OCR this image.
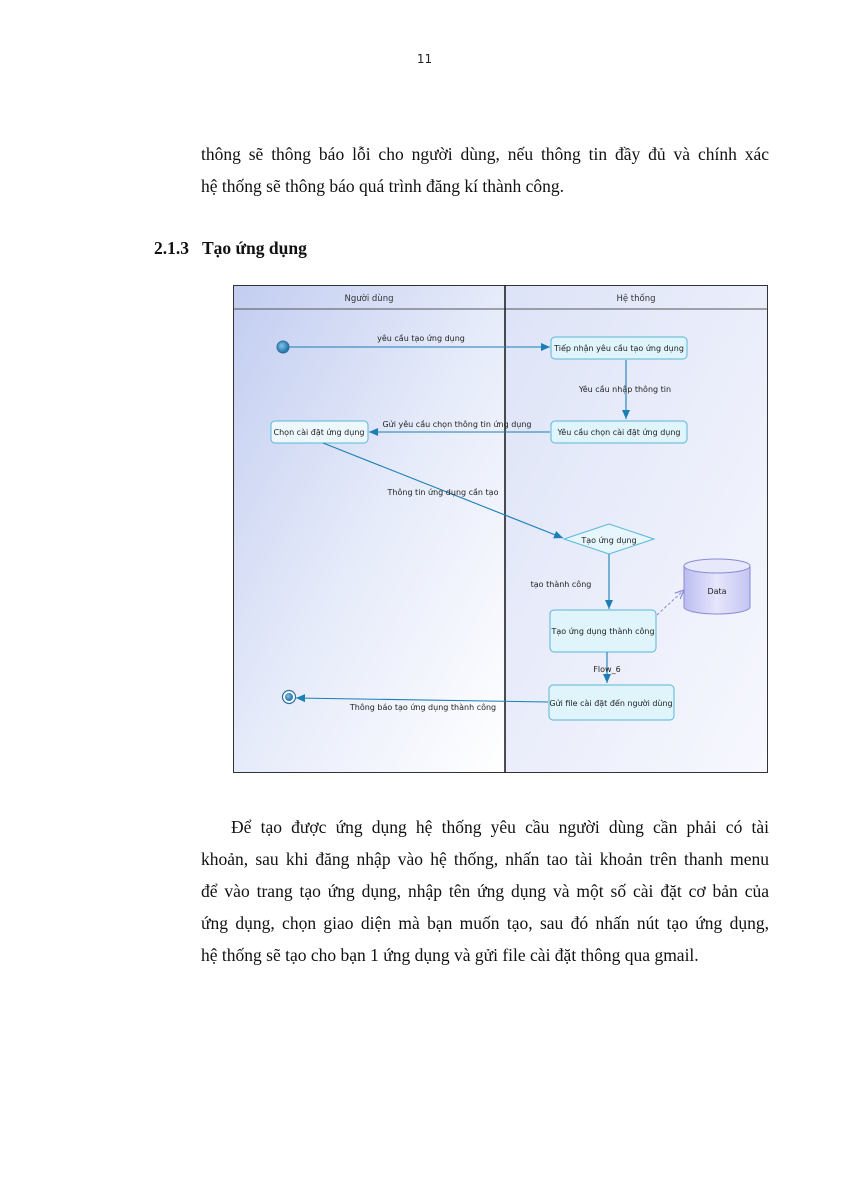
11
thông sẽ thông báo lỗi cho người dùng, nếu thông tin đầy đủ và chính xác
hệ thống sẽ thông báo quá trình đăng kí thành công.
2.1.3 Tạo ứng dụng
Người dùng	Hệ thống
yêu cầu tạo ứng dụng
Tiếp nhận yêu cầu tạo ứng dụng
Yêu cầu nhập thông tin
Yêu cầu chọn cài đặt ứng dụng
Gửi yêu cầu chọn thông tin ứng dụng
Chọn cài đặt ứng dụng
Thông tin ứng dụng cần tạo
Tạo ứng dụng
tạo thành công
Data
Tạo ứng dụng thành công
Flow_6
Gửi file cài đặt đến người dùng
Thông báo tạo ứng dụng thành công
Để tạo được ứng dụng hệ thống yêu cầu người dùng cần phải có tài
khoản, sau khi đăng nhập vào hệ thống, nhấn tao tài khoản trên thanh menu
để vào trang tạo ứng dụng, nhập tên ứng dụng và một số cài đặt cơ bản của
ứng dụng, chọn giao diện mà bạn muốn tạo, sau đó nhấn nút tạo ứng dụng,
hệ thống sẽ tạo cho bạn 1 ứng dụng và gửi file cài đặt thông qua gmail.
